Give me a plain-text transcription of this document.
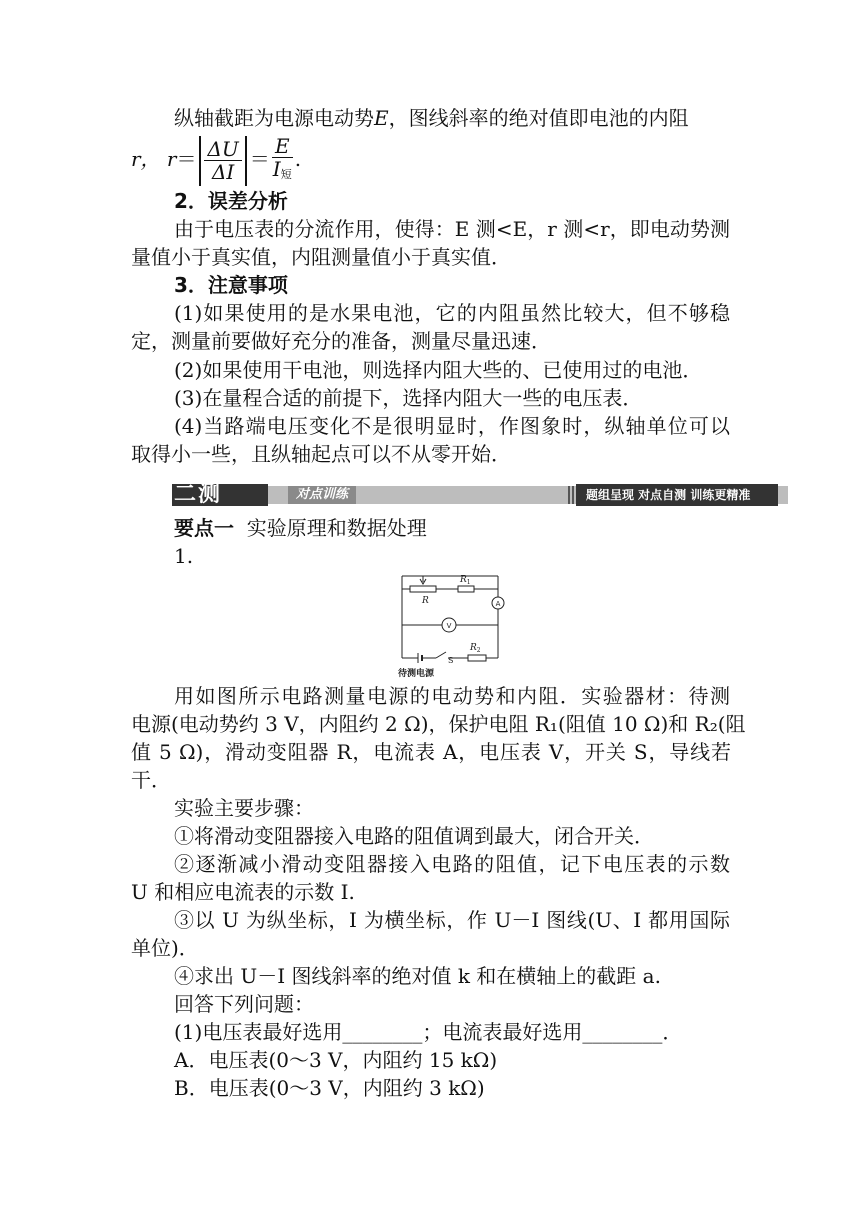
纵轴截距为电源电动势E，图线斜率的绝对值即电池的内阻
r， $r= \frac{\Delta U}{\Delta I} = \frac{E}{I_短}$ .
2．误差分析
由于电压表的分流作用，使得：E 测<E，r 测<r，即电动势测
量值小于真实值，内阻测量值小于真实值．
3．注意事项
(1)如果使用的是水果电池，它的内阻虽然比较大，但不够稳
定，测量前要做好充分的准备，测量尽量迅速．
(2)如果使用干电池，则选择内阻大些的、已使用过的电池．
(3)在量程合适的前提下，选择内阻大一些的电压表．
(4)当路端电压变化不是很明显时，作图象时，纵轴单位可以
取得小一些，且纵轴起点可以不从零开始．
二测	对点训练	题组呈现 对点自测 训练更精准
要点一 实验原理和数据处理
1.
$R_1$
R
$R_2$
A
V
S
待测电源
用如图所示电路测量电源的电动势和内阻．实验器材：待测
电源(电动势约 3 V，内阻约 2 Ω)，保护电阻 R₁(阻值 10 Ω)和 R₂(阻
值 5 Ω)，滑动变阻器 R，电流表 A，电压表 V，开关 S，导线若
干．
实验主要步骤：
①将滑动变阻器接入电路的阻值调到最大，闭合开关．
②逐渐减小滑动变阻器接入电路的阻值，记下电压表的示数
U 和相应电流表的示数 I.
③以 U 为纵坐标，I 为横坐标，作 U－I 图线(U、I 都用国际
单位)．
④求出 U－I 图线斜率的绝对值 k 和在横轴上的截距 a.
回答下列问题：
(1)电压表最好选用________；电流表最好选用________．
A．电压表(0～3 V，内阻约 15 kΩ)
B．电压表(0～3 V，内阻约 3 kΩ)
